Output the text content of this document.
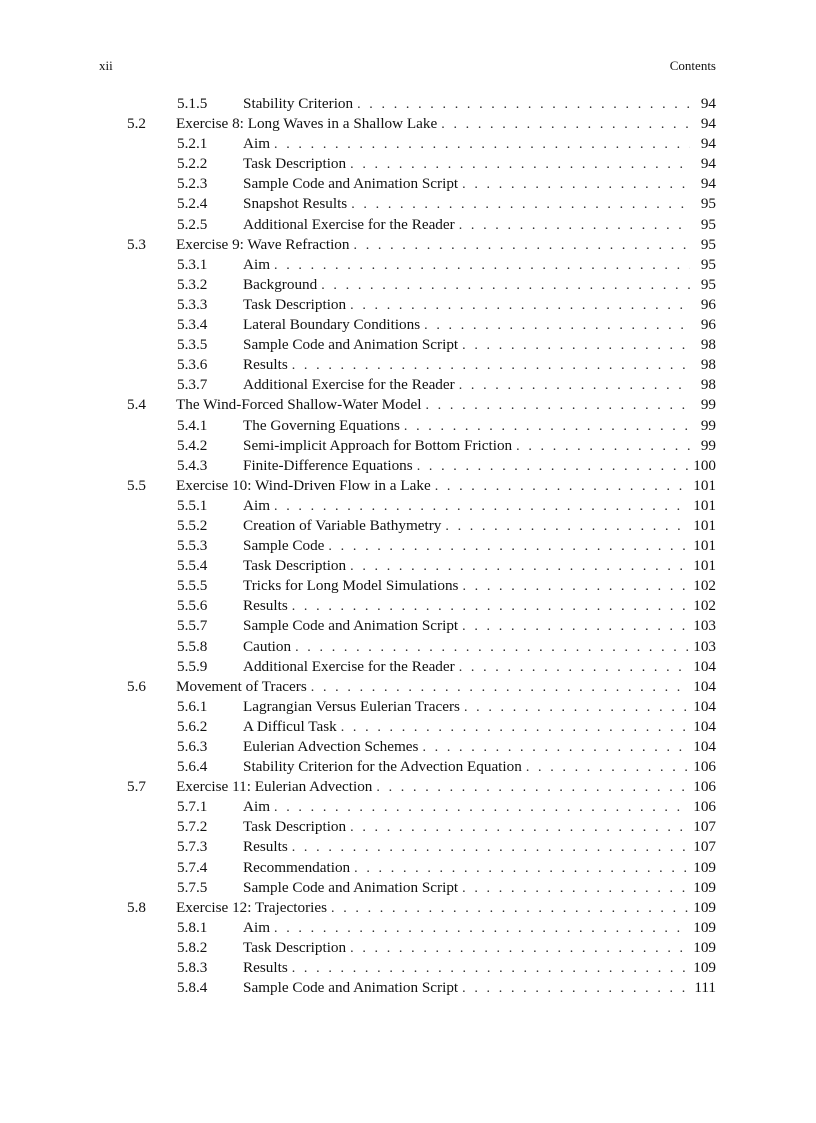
xii	Contents
5.1.5 Stability Criterion . . .	94
5.2 Exercise 8: Long Waves in a Shallow Lake . . .	94
5.2.1 Aim . . .	94
5.2.2 Task Description . . .	94
5.2.3 Sample Code and Animation Script . . .	94
5.2.4 Snapshot Results . . .	95
5.2.5 Additional Exercise for the Reader . . .	95
5.3 Exercise 9: Wave Refraction . . .	95
5.3.1 Aim . . .	95
5.3.2 Background . . .	95
5.3.3 Task Description . . .	96
5.3.4 Lateral Boundary Conditions . . .	96
5.3.5 Sample Code and Animation Script . . .	98
5.3.6 Results . . .	98
5.3.7 Additional Exercise for the Reader . . .	98
5.4 The Wind-Forced Shallow-Water Model . . .	99
5.4.1 The Governing Equations . . .	99
5.4.2 Semi-implicit Approach for Bottom Friction . . .	99
5.4.3 Finite-Difference Equations . . .	100
5.5 Exercise 10: Wind-Driven Flow in a Lake . . .	101
5.5.1 Aim . . .	101
5.5.2 Creation of Variable Bathymetry . . .	101
5.5.3 Sample Code . . .	101
5.5.4 Task Description . . .	101
5.5.5 Tricks for Long Model Simulations . . .	102
5.5.6 Results . . .	102
5.5.7 Sample Code and Animation Script . . .	103
5.5.8 Caution . . .	103
5.5.9 Additional Exercise for the Reader . . .	104
5.6 Movement of Tracers . . .	104
5.6.1 Lagrangian Versus Eulerian Tracers . . .	104
5.6.2 A Difficul Task . . .	104
5.6.3 Eulerian Advection Schemes . . .	104
5.6.4 Stability Criterion for the Advection Equation . . .	106
5.7 Exercise 11: Eulerian Advection . . .	106
5.7.1 Aim . . .	106
5.7.2 Task Description . . .	107
5.7.3 Results . . .	107
5.7.4 Recommendation . . .	109
5.7.5 Sample Code and Animation Script . . .	109
5.8 Exercise 12: Trajectories . . .	109
5.8.1 Aim . . .	109
5.8.2 Task Description . . .	109
5.8.3 Results . . .	109
5.8.4 Sample Code and Animation Script . . .	111
